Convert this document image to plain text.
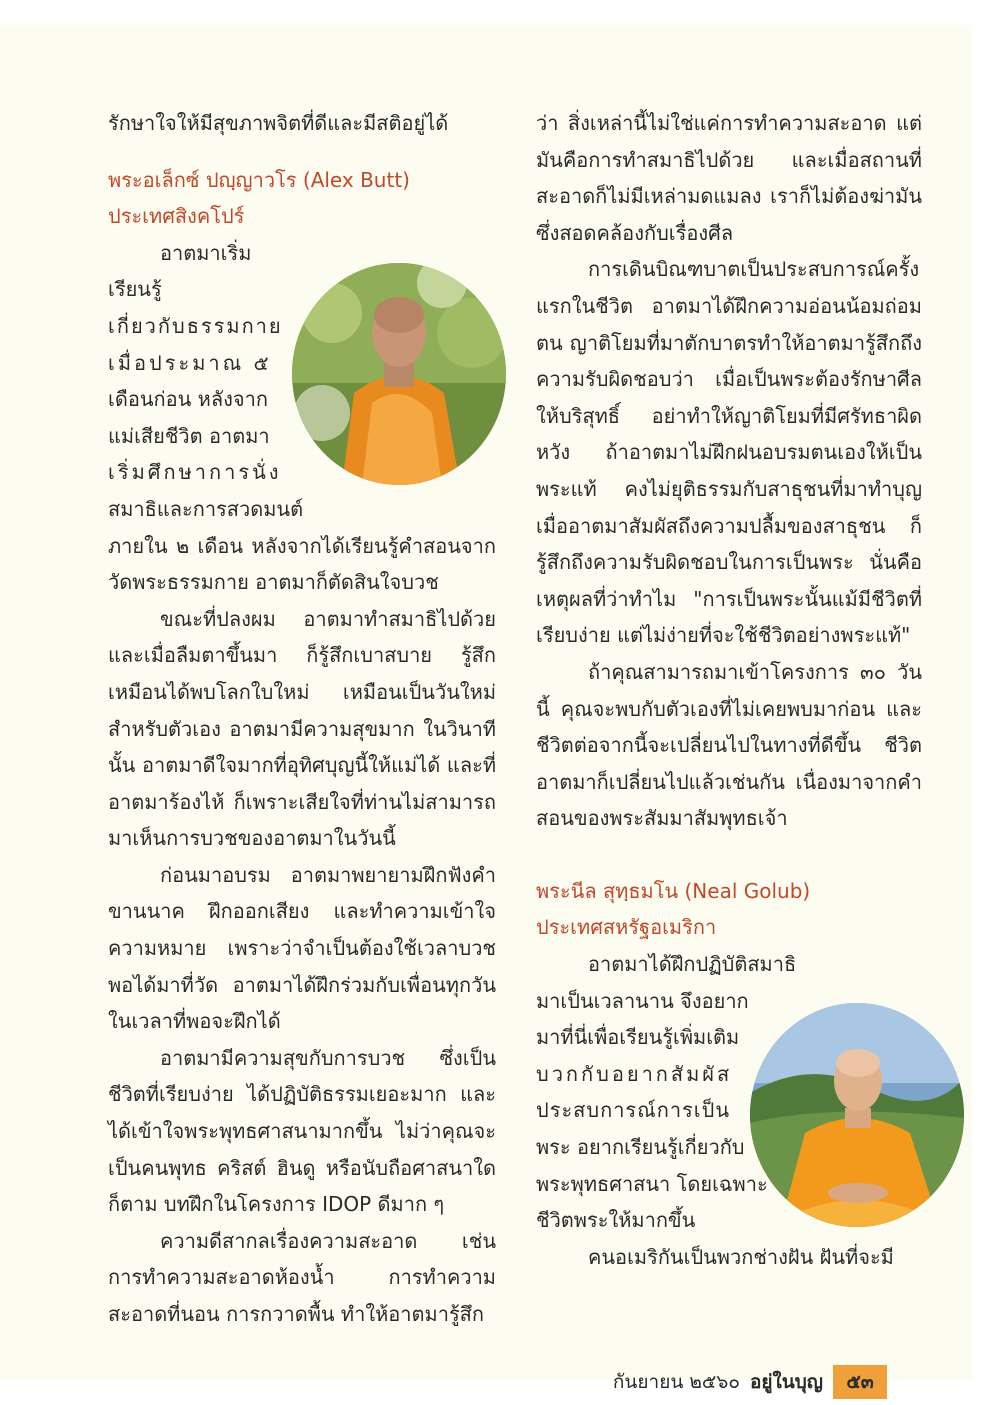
รักษาใจให้มีสุขภาพจิตที่ดีและมีสติอยู่ได้

พระอเล็กซ์ ปญฺญาวโร (Alex Butt)

ประเทศสิงคโปร์

อาตมาเริ่มเรียนรู้

เกี่ยวกับธรรมกาย

เมื่อประมาณ ๕

เดือนก่อน หลังจาก

แม่เสียชีวิต อาตมา

เริ่มศึกษาการนั่ง

สมาธิและการสวดมนต์

ภายใน ๒ เดือน หลังจากได้เรียนรู้คำสอนจากวัดพระธรรมกาย อาตมาก็ตัดสินใจบวช

ขณะที่ปลงผม อาตมาทำสมาธิไปด้วย และเมื่อลืมตาขึ้นมา ก็รู้สึกเบาสบาย รู้สึกเหมือนได้พบโลกใบใหม่ เหมือนเป็นวันใหม่สำหรับตัวเอง อาตมามีความสุขมาก ในวินาทีนั้น อาตมาดีใจมากที่อุทิศบุญนี้ให้แม่ได้ และที่อาตมาร้องไห้ ก็เพราะเสียใจที่ท่านไม่สามารถมาเห็นการบวชของอาตมาในวันนี้

ก่อนมาอบรม อาตมาพยายามฝึกฟังคำขานนาค ฝึกออกเสียง และทำความเข้าใจความหมาย เพราะว่าจำเป็นต้องใช้เวลาบวชพอได้มาที่วัด อาตมาได้ฝึกร่วมกับเพื่อนทุกวันในเวลาที่พอจะฝึกได้

อาตมามีความสุขกับการบวช ซึ่งเป็นชีวิตที่เรียบง่าย ได้ปฏิบัติธรรมเยอะมาก และได้เข้าใจพระพุทธศาสนามากขึ้น ไม่ว่าคุณจะเป็นคนพุทธ คริสต์ ฮินดู หรือนับถือศาสนาใดก็ตาม บทฝึกในโครงการ IDOP ดีมาก ๆ

ความดีสากลเรื่องความสะอาด เช่น การทำความสะอาดห้องน้ำ การทำความสะอาดที่นอน การกวาดพื้น ทำให้อาตมารู้สึก

ว่า สิ่งเหล่านี้ไม่ใช่แค่การทำความสะอาด แต่มันคือการทำสมาธิไปด้วย และเมื่อสถานที่สะอาดก็ไม่มีเหล่ามดแมลง เราก็ไม่ต้องฆ่ามัน ซึ่งสอดคล้องกับเรื่องศีล

การเดินบิณฑบาตเป็นประสบการณ์ครั้งแรกในชีวิต อาตมาได้ฝึกความอ่อนน้อมถ่อมตน ญาติโยมที่มาตักบาตรทำให้อาตมารู้สึกถึงความรับผิดชอบว่า เมื่อเป็นพระต้องรักษาศีลให้บริสุทธิ์ อย่าทำให้ญาติโยมที่มีศรัทธาผิดหวัง ถ้าอาตมาไม่ฝึกฝนอบรมตนเองให้เป็นพระแท้ คงไม่ยุติธรรมกับสาธุชนที่มาทำบุญ เมื่ออาตมาสัมผัสถึงความปลื้มของสาธุชน ก็รู้สึกถึงความรับผิดชอบในการเป็นพระ นั่นคือเหตุผลที่ว่าทำไม "การเป็นพระนั้นแม้มีชีวิตที่เรียบง่าย แต่ไม่ง่ายที่จะใช้ชีวิตอย่างพระแท้"

ถ้าคุณสามารถมาเข้าโครงการ ๓๐ วันนี้ คุณจะพบกับตัวเองที่ไม่เคยพบมาก่อน และชีวิตต่อจากนี้จะเปลี่ยนไปในทางที่ดีขึ้น ชีวิตอาตมาก็เปลี่ยนไปแล้วเช่นกัน เนื่องมาจากคำสอนของพระสัมมาสัมพุทธเจ้า

พระนีล สุทฺธมโน (Neal Golub)

ประเทศสหรัฐอเมริกา

อาตมาได้ฝึกปฏิบัติสมาธิ

มาเป็นเวลานาน จึงอยาก

มาที่นี่เพื่อเรียนรู้เพิ่มเติม

บวกกับอยากสัมผัส

ประสบการณ์การเป็น

พระ อยากเรียนรู้เกี่ยวกับ

พระพุทธศาสนา โดยเฉพาะ

ชีวิตพระให้มากขึ้น

คนอเมริกันเป็นพวกช่างฝัน ฝันที่จะมี

กันยายน ๒๕๖๐ อยู่ในบุญ	๕๓
